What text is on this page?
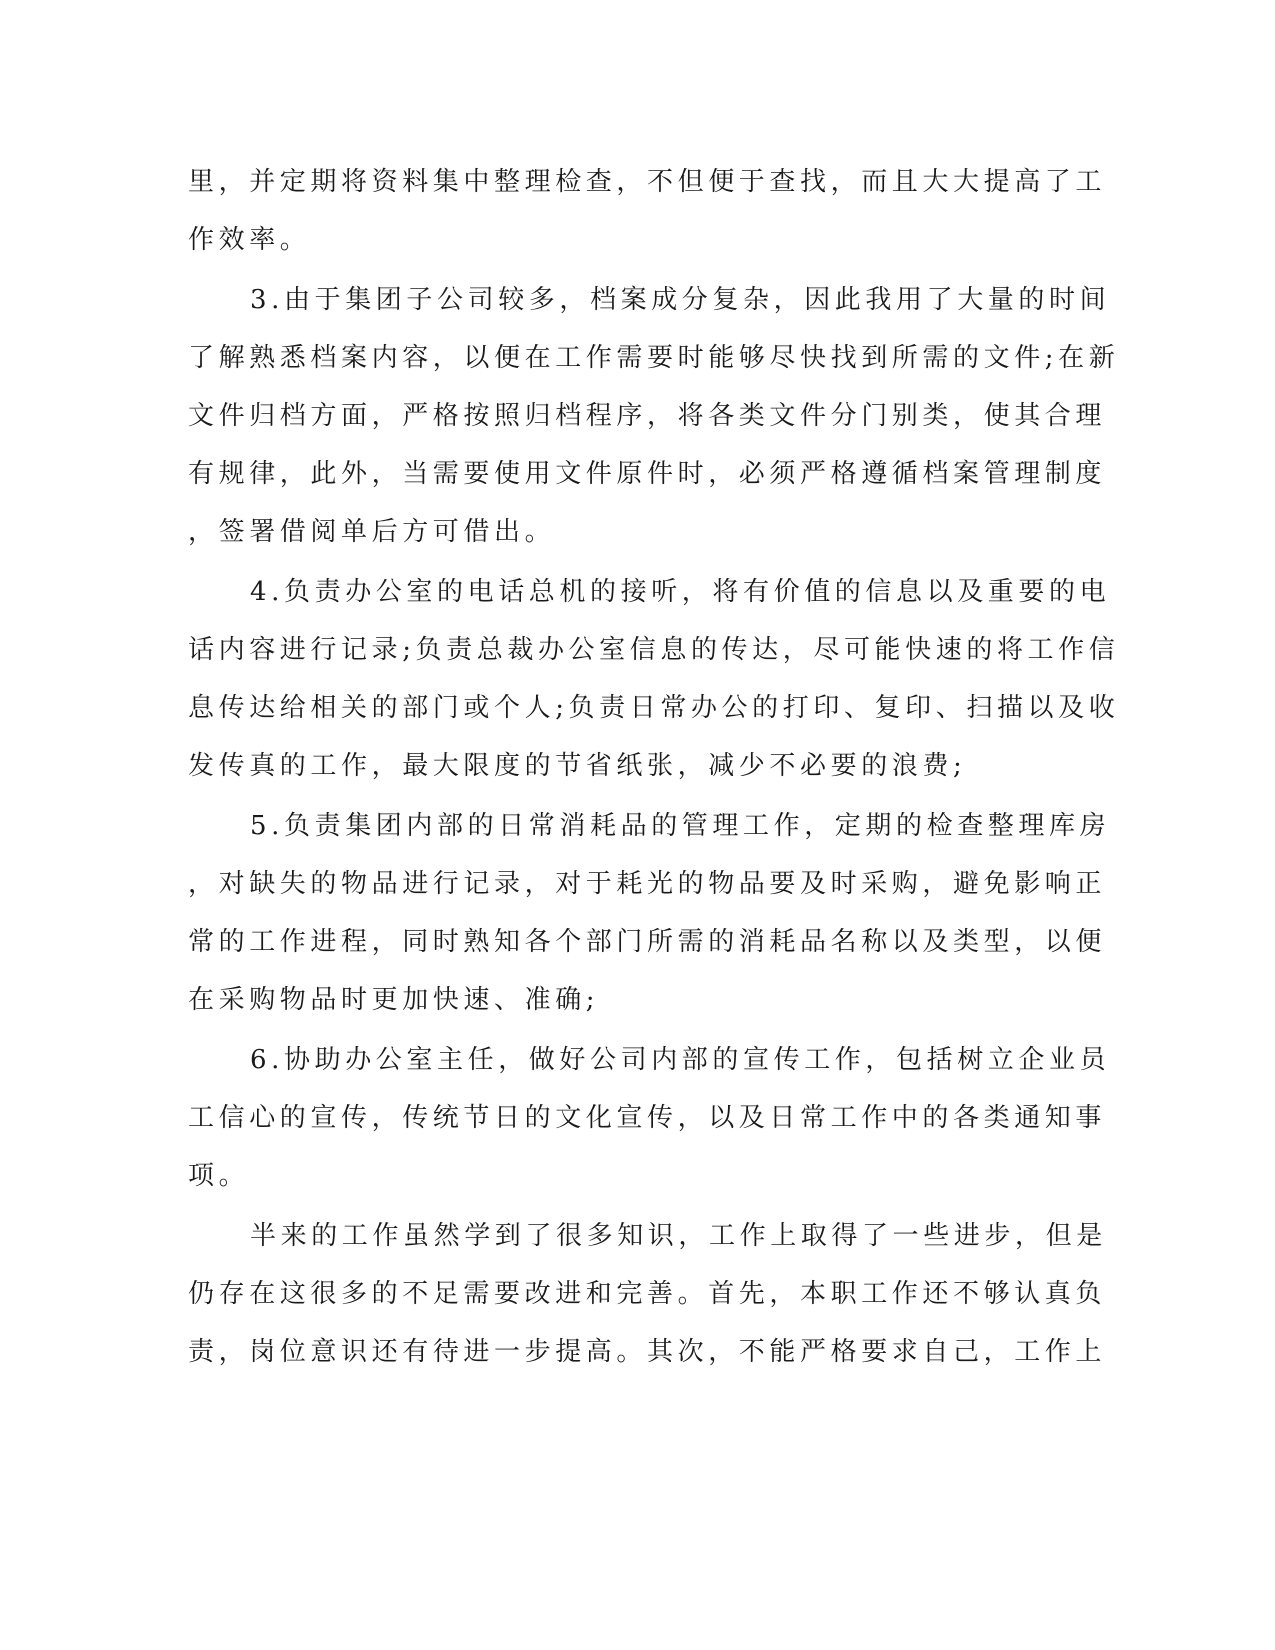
里，并定期将资料集中整理检查，不但便于查找，而且大大提高了工
作效率。
3.由于集团子公司较多，档案成分复杂，因此我用了大量的时间
了解熟悉档案内容，以便在工作需要时能够尽快找到所需的文件;在新
文件归档方面，严格按照归档程序，将各类文件分门别类，使其合理
有规律，此外，当需要使用文件原件时，必须严格遵循档案管理制度
，签署借阅单后方可借出。
4.负责办公室的电话总机的接听，将有价值的信息以及重要的电
话内容进行记录;负责总裁办公室信息的传达，尽可能快速的将工作信
息传达给相关的部门或个人;负责日常办公的打印、复印、扫描以及收
发传真的工作，最大限度的节省纸张，减少不必要的浪费;
5.负责集团内部的日常消耗品的管理工作，定期的检查整理库房
，对缺失的物品进行记录，对于耗光的物品要及时采购，避免影响正
常的工作进程，同时熟知各个部门所需的消耗品名称以及类型，以便
在采购物品时更加快速、准确;
6.协助办公室主任，做好公司内部的宣传工作，包括树立企业员
工信心的宣传，传统节日的文化宣传，以及日常工作中的各类通知事
项。
半来的工作虽然学到了很多知识，工作上取得了一些进步，但是
仍存在这很多的不足需要改进和完善。首先，本职工作还不够认真负
责，岗位意识还有待进一步提高。其次，不能严格要求自己，工作上
